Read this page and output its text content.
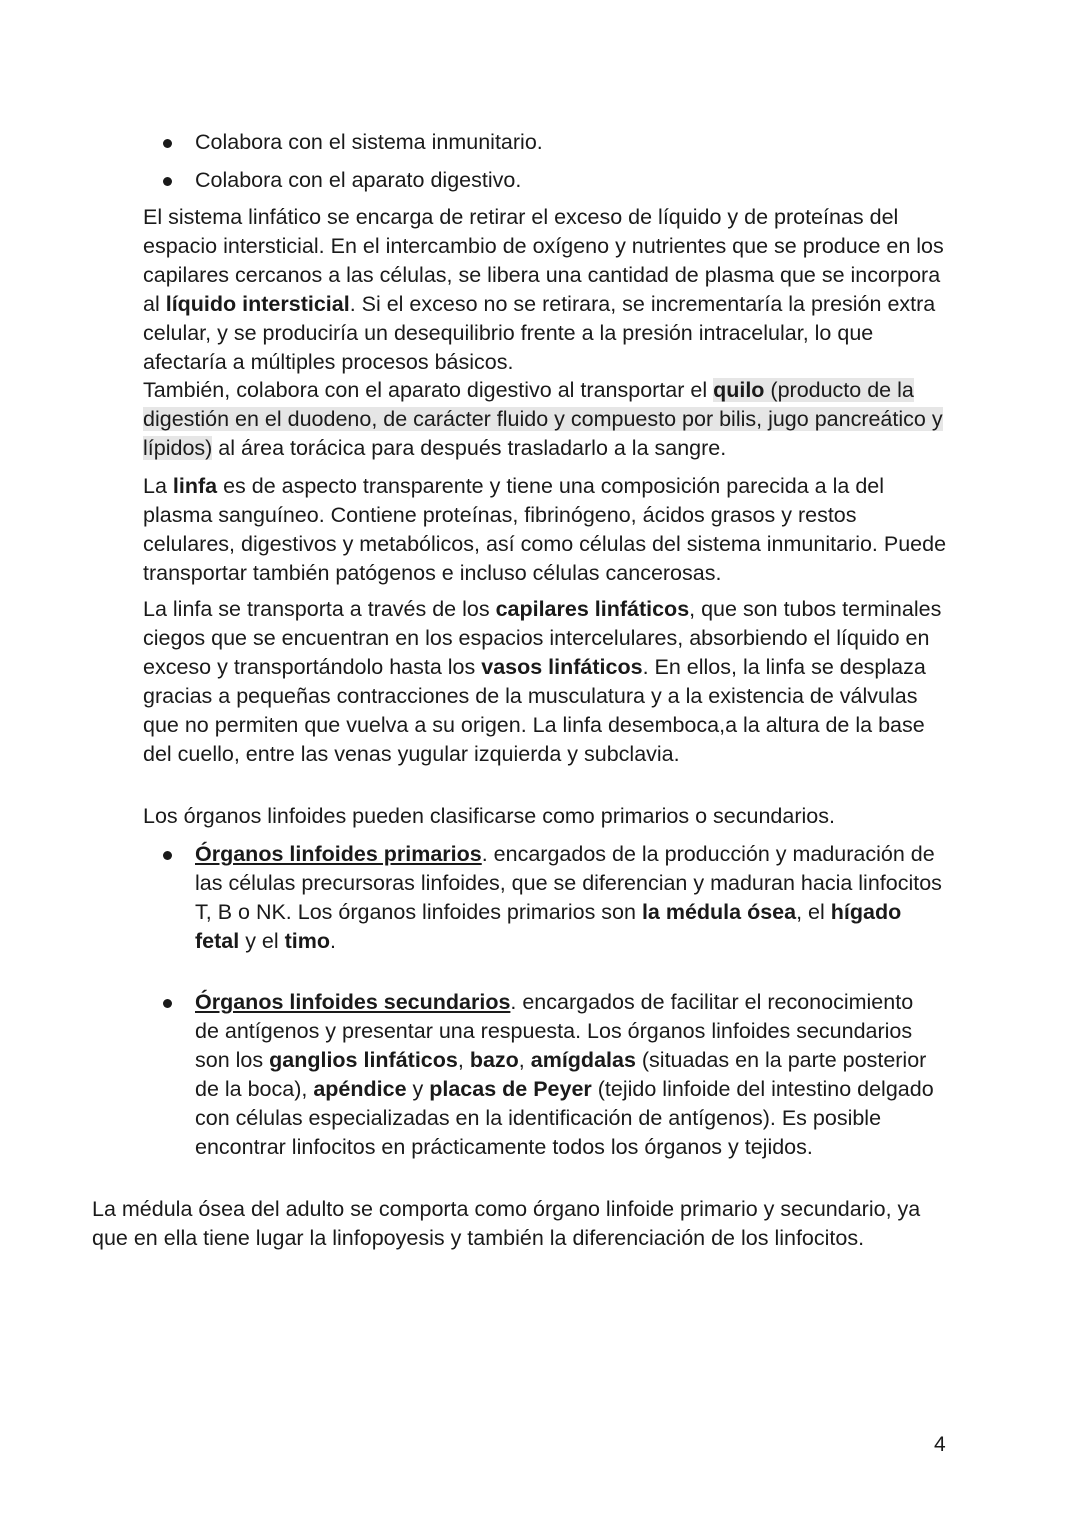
Colabora con el sistema inmunitario.
Colabora con el aparato digestivo.

El sistema linfático se encarga de retirar el exceso de líquido y de proteínas del espacio intersticial. En el intercambio de oxígeno y nutrientes que se produce en los capilares cercanos a las células, se libera una cantidad de plasma que se incorpora al líquido intersticial. Si el exceso no se retirara, se incrementaría la presión extra celular, y se produciría un desequilibrio frente a la presión intracelular, lo que afectaría a múltiples procesos básicos.

También, colabora con el aparato digestivo al transportar el quilo (producto de la digestión en el duodeno, de carácter fluido y compuesto por bilis, jugo pancreático y lípidos) al área torácica para después trasladarlo a la sangre.

La linfa es de aspecto transparente y tiene una composición parecida a la del plasma sanguíneo. Contiene proteínas, fibrinógeno, ácidos grasos y restos celulares, digestivos y metabólicos, así como células del sistema inmunitario. Puede transportar también patógenos e incluso células cancerosas.

La linfa se transporta a través de los capilares linfáticos, que son tubos terminales ciegos que se encuentran en los espacios intercelulares, absorbiendo el líquido en exceso y transportándolo hasta los vasos linfáticos. En ellos, la linfa se desplaza gracias a pequeñas contracciones de la musculatura y a la existencia de válvulas que no permiten que vuelva a su origen. La linfa desemboca,a la altura de la base del cuello, entre las venas yugular izquierda y subclavia.

Los órganos linfoides pueden clasificarse como primarios o secundarios.

Órganos linfoides primarios. encargados de la producción y maduración de las células precursoras linfoides, que se diferencian y maduran hacia linfocitos T, B o NK. Los órganos linfoides primarios son la médula ósea, el hígado fetal y el timo.
Órganos linfoides secundarios. encargados de facilitar el reconocimiento de antígenos y presentar una respuesta. Los órganos linfoides secundarios son los ganglios linfáticos, bazo, amígdalas (situadas en la parte posterior de la boca), apéndice y placas de Peyer (tejido linfoide del intestino delgado con células especializadas en la identificación de antígenos). Es posible encontrar linfocitos en prácticamente todos los órganos y tejidos.

La médula ósea del adulto se comporta como órgano linfoide primario y secundario, ya que en ella tiene lugar la linfopoyesis y también la diferenciación de los linfocitos.

4
